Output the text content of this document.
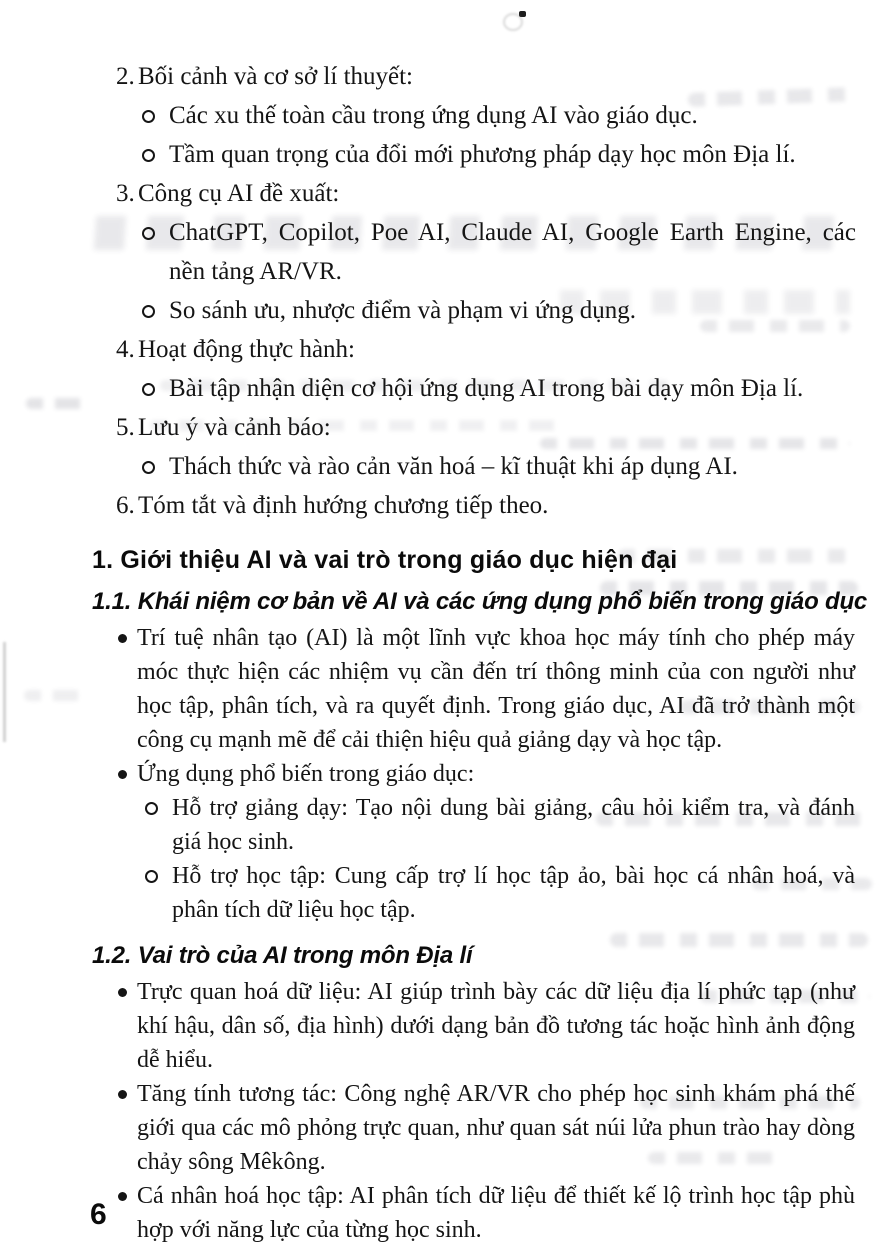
2. Bối cảnh và cơ sở lí thuyết:
Các xu thế toàn cầu trong ứng dụng AI vào giáo dục.
Tầm quan trọng của đổi mới phương pháp dạy học môn Địa lí.
3. Công cụ AI đề xuất:
ChatGPT, Copilot, Poe AI, Claude AI, Google Earth Engine, các nền tảng AR/VR.
So sánh ưu, nhược điểm và phạm vi ứng dụng.
4. Hoạt động thực hành:
Bài tập nhận diện cơ hội ứng dụng AI trong bài dạy môn Địa lí.
5. Lưu ý và cảnh báo:
Thách thức và rào cản văn hoá – kĩ thuật khi áp dụng AI.
6. Tóm tắt và định hướng chương tiếp theo.
1. Giới thiệu AI và vai trò trong giáo dục hiện đại
1.1. Khái niệm cơ bản về AI và các ứng dụng phổ biến trong giáo dục
Trí tuệ nhân tạo (AI) là một lĩnh vực khoa học máy tính cho phép máy móc thực hiện các nhiệm vụ cần đến trí thông minh của con người như học tập, phân tích, và ra quyết định. Trong giáo dục, AI đã trở thành một công cụ mạnh mẽ để cải thiện hiệu quả giảng dạy và học tập.
Ứng dụng phổ biến trong giáo dục:
Hỗ trợ giảng dạy: Tạo nội dung bài giảng, câu hỏi kiểm tra, và đánh giá học sinh.
Hỗ trợ học tập: Cung cấp trợ lí học tập ảo, bài học cá nhân hoá, và phân tích dữ liệu học tập.
1.2. Vai trò của AI trong môn Địa lí
Trực quan hoá dữ liệu: AI giúp trình bày các dữ liệu địa lí phức tạp (như khí hậu, dân số, địa hình) dưới dạng bản đồ tương tác hoặc hình ảnh động dễ hiểu.
Tăng tính tương tác: Công nghệ AR/VR cho phép học sinh khám phá thế giới qua các mô phỏng trực quan, như quan sát núi lửa phun trào hay dòng chảy sông Mêkông.
Cá nhân hoá học tập: AI phân tích dữ liệu để thiết kế lộ trình học tập phù hợp với năng lực của từng học sinh.
6
